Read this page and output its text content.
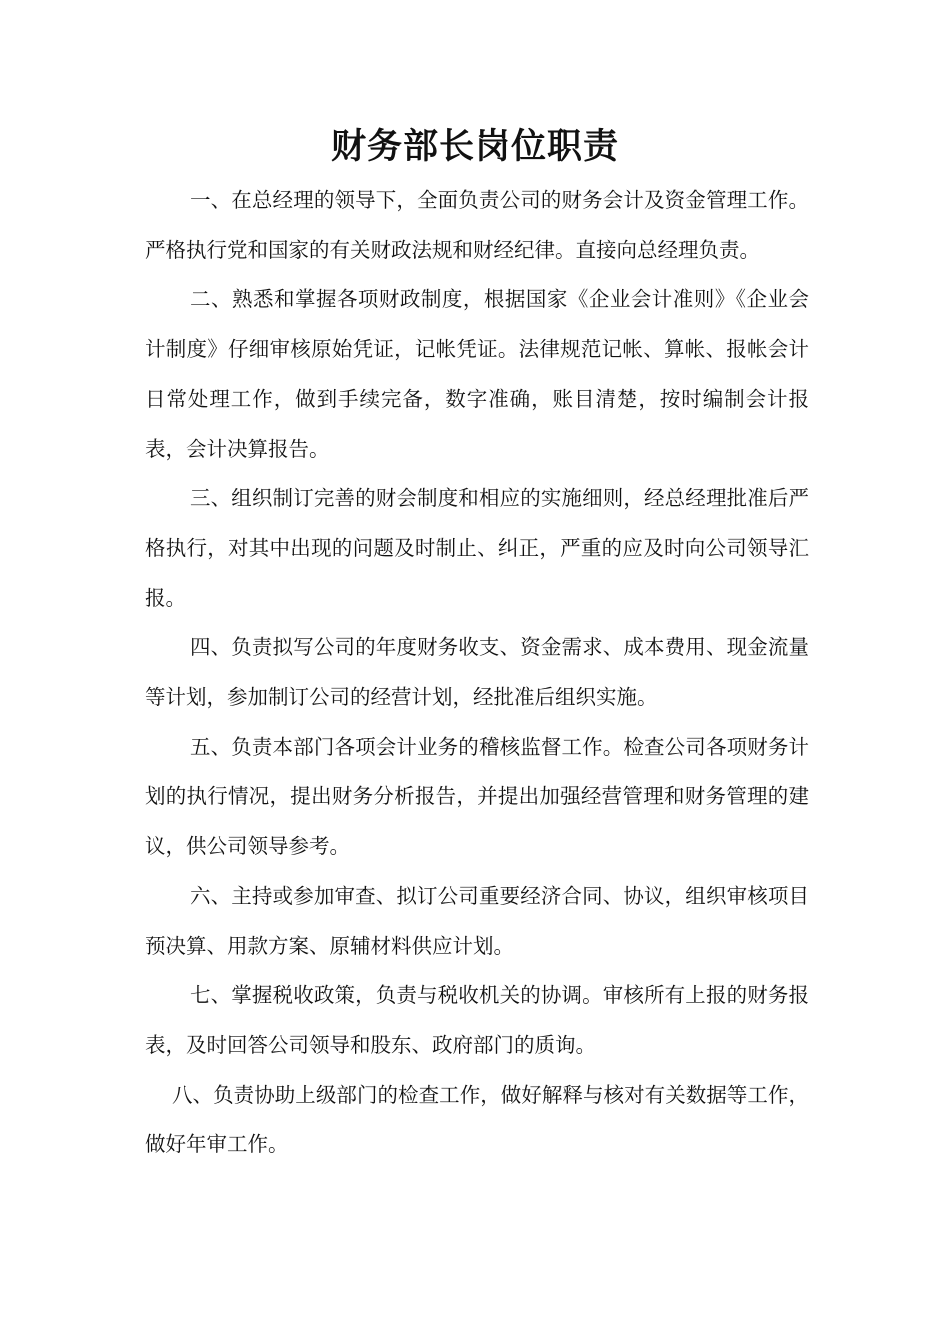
财务部长岗位职责

一、在总经理的领导下，全面负责公司的财务会计及资金管理工作。严格执行党和国家的有关财政法规和财经纪律。直接向总经理负责。

二、熟悉和掌握各项财政制度，根据国家《企业会计准则》《企业会计制度》仔细审核原始凭证，记帐凭证。法律规范记帐、算帐、报帐会计日常处理工作，做到手续完备，数字准确，账目清楚，按时编制会计报表，会计决算报告。

三、组织制订完善的财会制度和相应的实施细则，经总经理批准后严格执行，对其中出现的问题及时制止、纠正，严重的应及时向公司领导汇报。

四、负责拟写公司的年度财务收支、资金需求、成本费用、现金流量等计划，参加制订公司的经营计划，经批准后组织实施。

五、负责本部门各项会计业务的稽核监督工作。检查公司各项财务计划的执行情况，提出财务分析报告，并提出加强经营管理和财务管理的建议，供公司领导参考。

六、主持或参加审查、拟订公司重要经济合同、协议，组织审核项目预决算、用款方案、原辅材料供应计划。

七、掌握税收政策，负责与税收机关的协调。审核所有上报的财务报表，及时回答公司领导和股东、政府部门的质询。

八、负责协助上级部门的检查工作，做好解释与核对有关数据等工作，做好年审工作。
